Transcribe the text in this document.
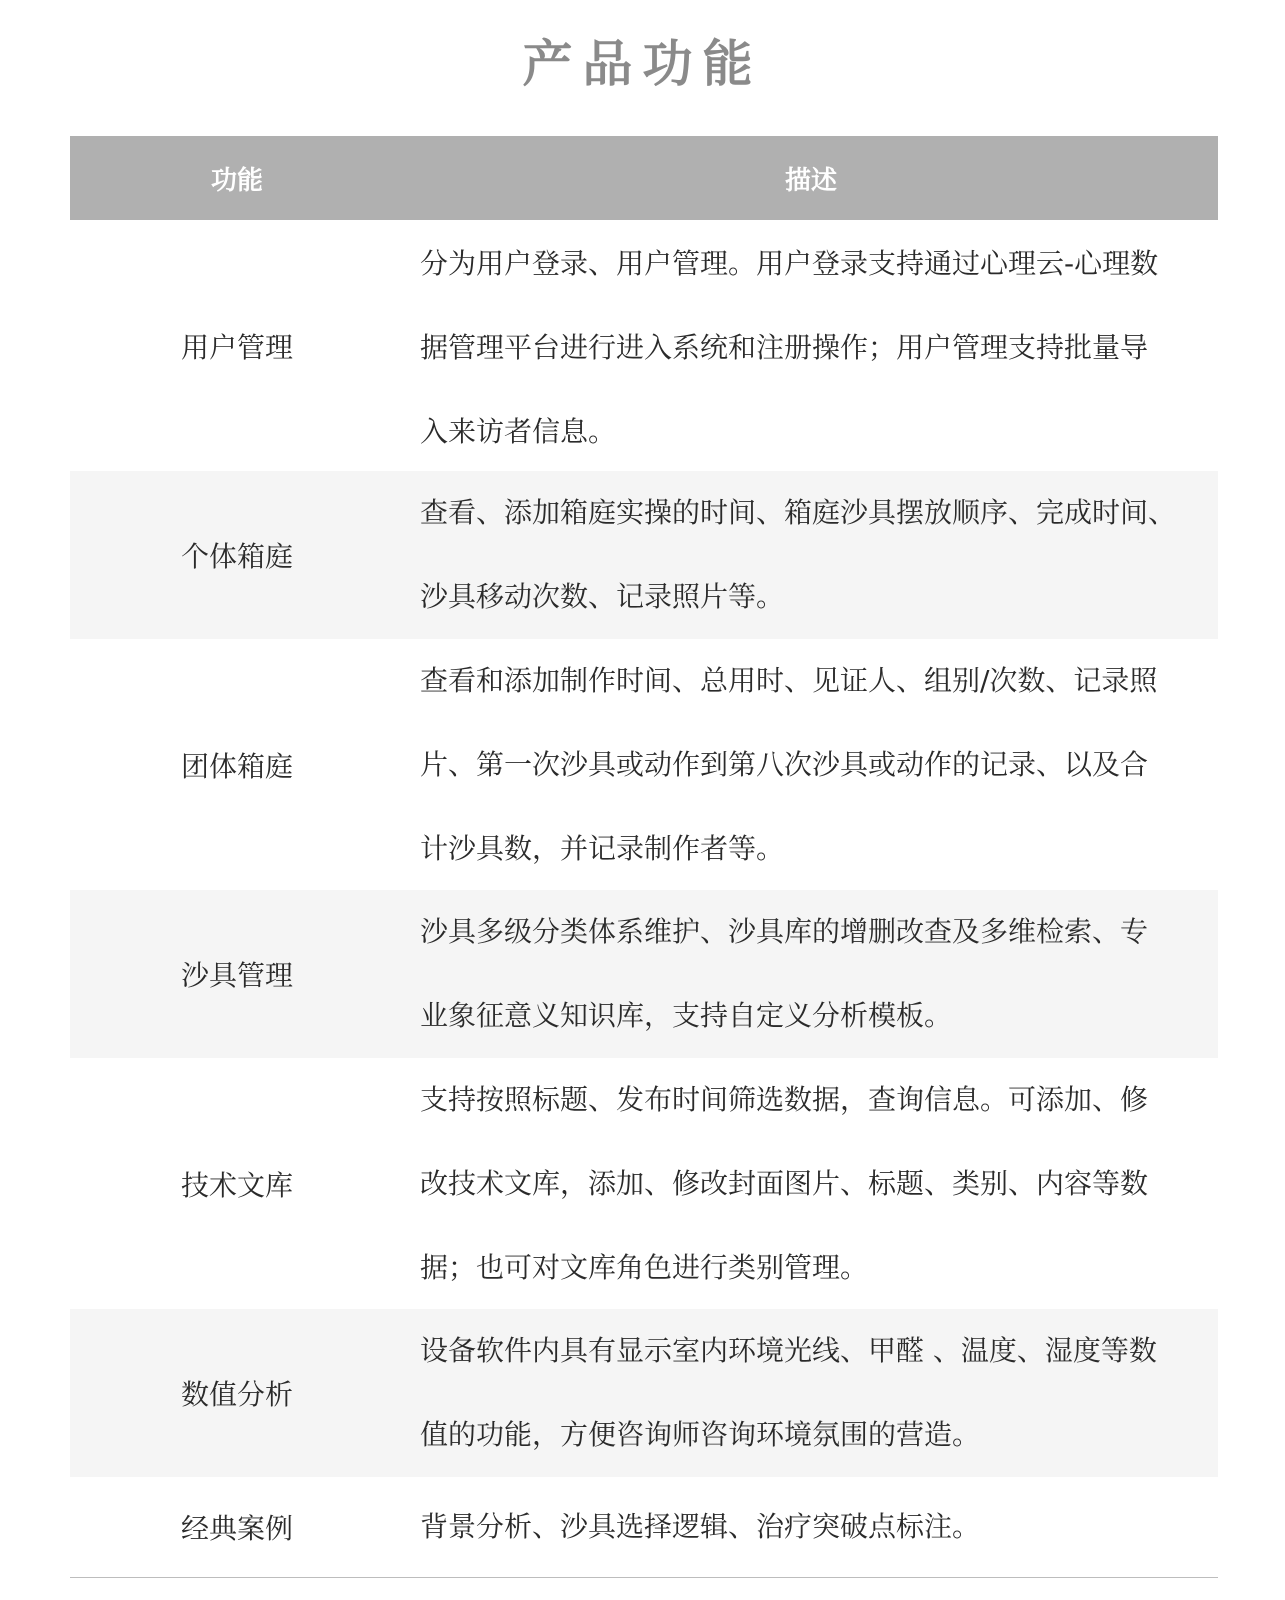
产品功能
功能	描述
用户管理
分为用户登录、用户管理。用户登录支持通过心理云-心理数
据管理平台进行进入系统和注册操作；用户管理支持批量导
入来访者信息。
个体箱庭
查看、添加箱庭实操的时间、箱庭沙具摆放顺序、完成时间、
沙具移动次数、记录照片等。
团体箱庭
查看和添加制作时间、总用时、见证人、组别/次数、记录照
片、第一次沙具或动作到第八次沙具或动作的记录、以及合
计沙具数，并记录制作者等。
沙具管理
沙具多级分类体系维护、沙具库的增删改查及多维检索、专
业象征意义知识库，支持自定义分析模板。
技术文库
支持按照标题、发布时间筛选数据，查询信息。可添加、修
改技术文库，添加、修改封面图片、标题、类别、内容等数
据；也可对文库角色进行类别管理。
数值分析
设备软件内具有显示室内环境光线、甲醛 、温度、湿度等数
值的功能，方便咨询师咨询环境氛围的营造。
经典案例	背景分析、沙具选择逻辑、治疗突破点标注。
